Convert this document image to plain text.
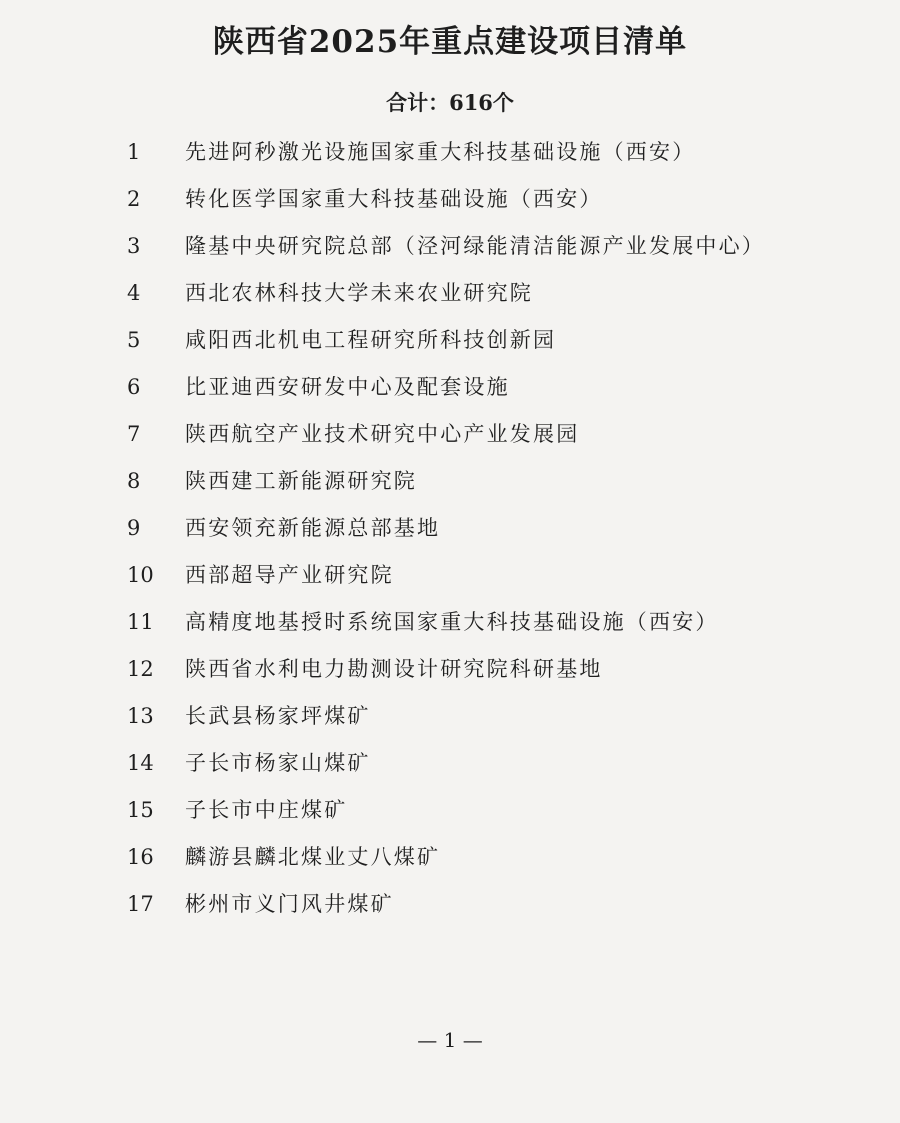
陕西省2025年重点建设项目清单
合计：616个
1	先进阿秒激光设施国家重大科技基础设施（西安）
2	转化医学国家重大科技基础设施（西安）
3	隆基中央研究院总部（泾河绿能清洁能源产业发展中心）
4	西北农林科技大学未来农业研究院
5	咸阳西北机电工程研究所科技创新园
6	比亚迪西安研发中心及配套设施
7	陕西航空产业技术研究中心产业发展园
8	陕西建工新能源研究院
9	西安领充新能源总部基地
10	西部超导产业研究院
11	高精度地基授时系统国家重大科技基础设施（西安）
12	陕西省水利电力勘测设计研究院科研基地
13	长武县杨家坪煤矿
14	子长市杨家山煤矿
15	子长市中庄煤矿
16	麟游县麟北煤业丈八煤矿
17	彬州市义门风井煤矿
— 1 —
